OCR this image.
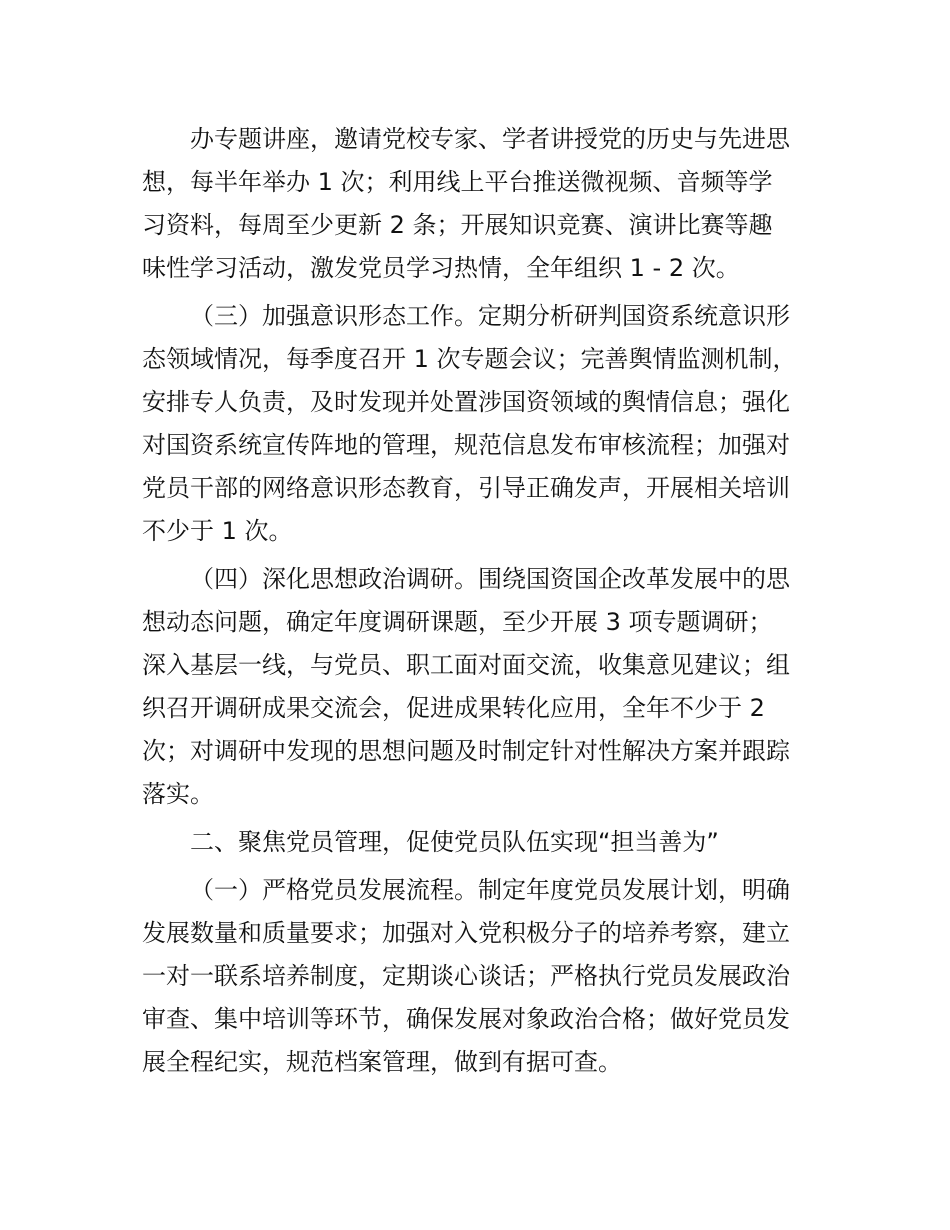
办专题讲座，邀请党校专家、学者讲授党的历史与先进思
想，每半年举办 1 次；利用线上平台推送微视频、音频等学
习资料，每周至少更新 2 条；开展知识竞赛、演讲比赛等趣
味性学习活动，激发党员学习热情，全年组织 1 - 2 次。
（三）加强意识形态工作。定期分析研判国资系统意识形
态领域情况，每季度召开 1 次专题会议；完善舆情监测机制，
安排专人负责，及时发现并处置涉国资领域的舆情信息；强化
对国资系统宣传阵地的管理，规范信息发布审核流程；加强对
党员干部的网络意识形态教育，引导正确发声，开展相关培训
不少于 1 次。
（四）深化思想政治调研。围绕国资国企改革发展中的思
想动态问题，确定年度调研课题，至少开展 3 项专题调研；
深入基层一线，与党员、职工面对面交流，收集意见建议；组
织召开调研成果交流会，促进成果转化应用，全年不少于 2
次；对调研中发现的思想问题及时制定针对性解决方案并跟踪
落实。
二、聚焦党员管理，促使党员队伍实现“担当善为”
（一）严格党员发展流程。制定年度党员发展计划，明确
发展数量和质量要求；加强对入党积极分子的培养考察，建立
一对一联系培养制度，定期谈心谈话；严格执行党员发展政治
审查、集中培训等环节，确保发展对象政治合格；做好党员发
展全程纪实，规范档案管理，做到有据可查。
